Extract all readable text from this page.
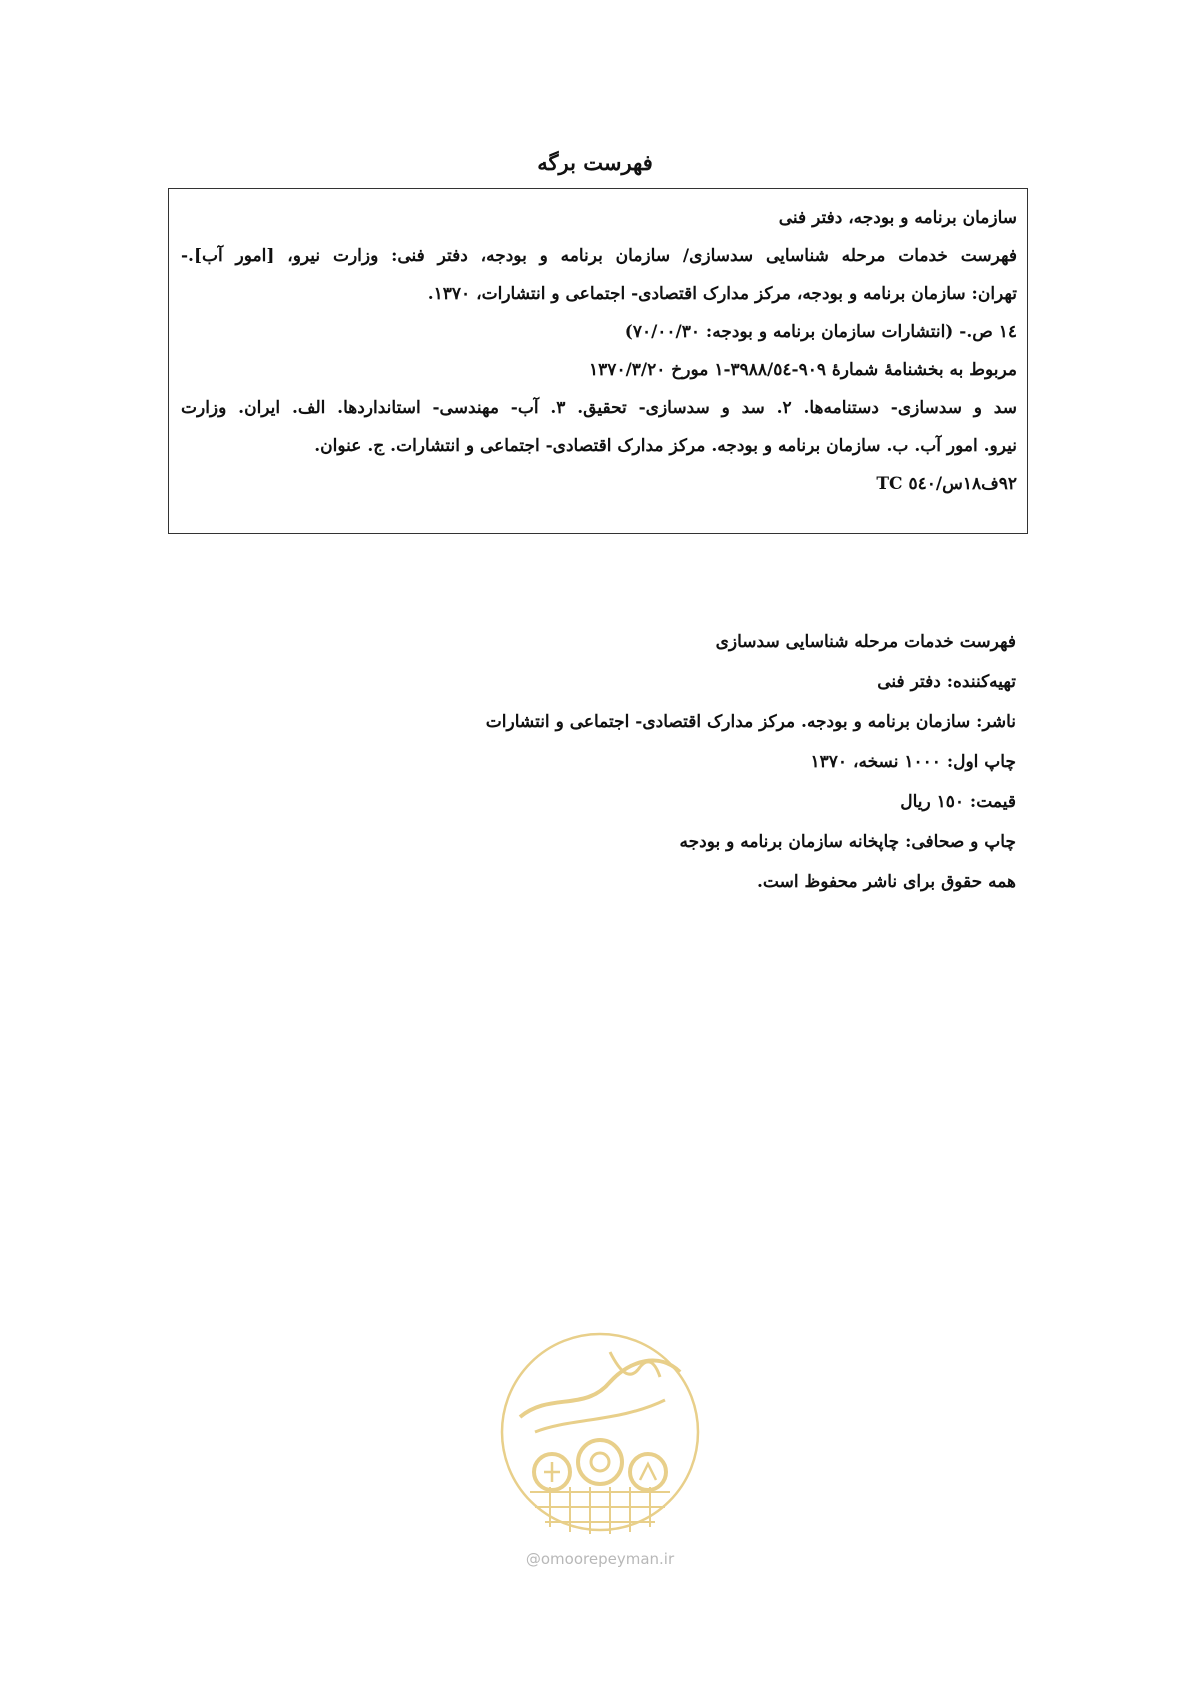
فهرست برگه
سازمان برنامه و بودجه، دفتر فنی
فهرست خدمات مرحله شناسایی سدسازی/ سازمان برنامه و بودجه، دفتر فنی: وزارت نیرو، [امور آب].-
تهران: سازمان برنامه و بودجه، مرکز مدارک اقتصادی- اجتماعی و انتشارات، ۱۳۷۰.
۱٤ ص.- (انتشارات سازمان برنامه و بودجه: ۷۰/۰۰/۳۰)
مربوط به بخشنامۀ شمارۀ ۹۰۹-۳۹۸۸/٥٤-۱ مورخ ۱۳۷۰/۳/۲۰
سد و سدسازی- دستنامه‌ها. ۲. سد و سدسازی- تحقیق. ۳. آب- مهندسی- استانداردها. الف. ایران. وزارت
نیرو. امور آب. ب. سازمان برنامه و بودجه. مرکز مدارک اقتصادی- اجتماعی و انتشارات. ج. عنوان.
۹۲ف۱۸س/٥٤۰ TC
فهرست خدمات مرحله شناسایی سدسازی
تهیه‌کننده: دفتر فنی
ناشر: سازمان برنامه و بودجه. مرکز مدارک اقتصادی- اجتماعی و انتشارات
چاپ اول: ۱۰۰۰ نسخه، ۱۳۷۰
قیمت: ۱٥۰ ریال
چاپ و صحافی: چاپخانه سازمان برنامه و بودجه
همه حقوق برای ناشر محفوظ است.
@omoorepeyman.ir
